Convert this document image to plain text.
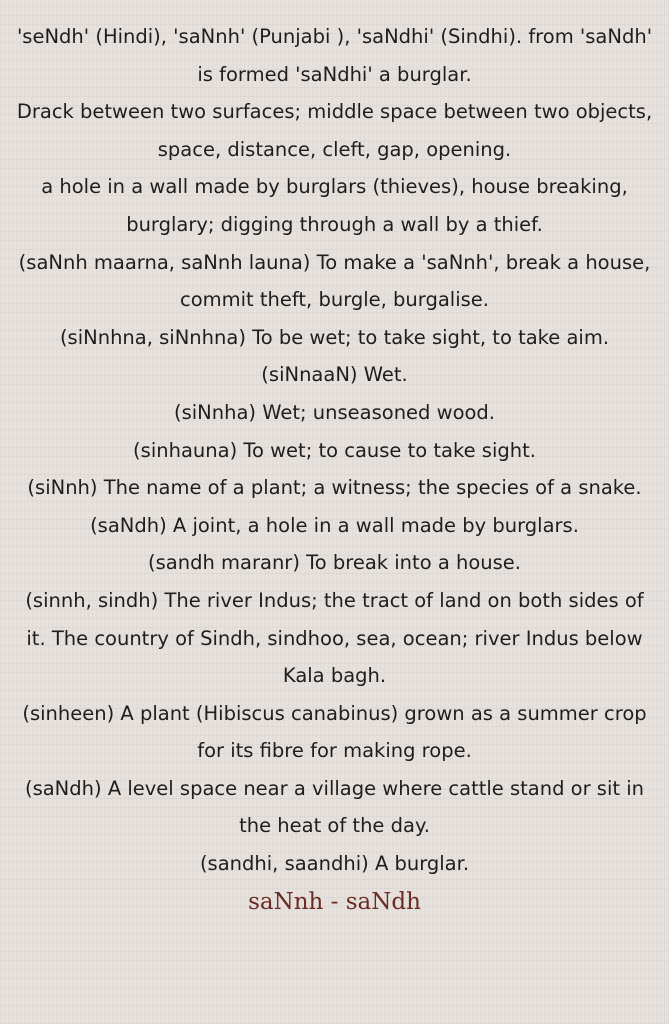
'seNdh' (Hindi), 'saNnh' (Punjabi ), 'saNdhi' (Sindhi). from 'saNdh' is formed 'saNdhi' a burglar.
Drack between two surfaces; middle space between two objects, space, distance, cleft, gap, opening.
a hole in a wall made by burglars (thieves), house breaking, burglary; digging through a wall by a thief.
(saNnh maarna, saNnh launa) To make a 'saNnh', break a house, commit theft, burgle, burgalise.
(siNnhna, siNnhna) To be wet; to take sight, to take aim.
(siNnaaN) Wet.
(siNnha) Wet; unseasoned wood.
(sinhauna) To wet; to cause to take sight.
(siNnh) The name of a plant; a witness; the species of a snake.
(saNdh) A joint, a hole in a wall made by burglars.
(sandh maranr) To break into a house.
(sinnh, sindh) The river Indus; the tract of land on both sides of it. The country of Sindh, sindhoo, sea, ocean; river Indus below Kala bagh.
(sinheen) A plant (Hibiscus canabinus) grown as a summer crop for its fibre for making rope.
(saNdh) A level space near a village where cattle stand or sit in the heat of the day.
(sandhi, saandhi) A burglar.
saNnh - saNdh
